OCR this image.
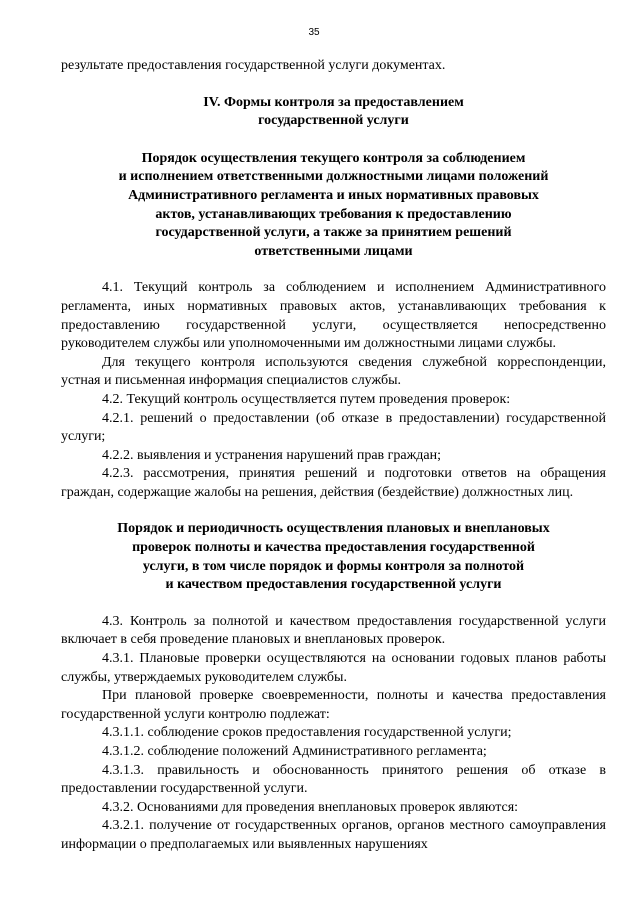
35

результате предоставления государственной услуги документах.

IV. Формы контроля за предоставлением
государственной услуги

Порядок осуществления текущего контроля за соблюдением
и исполнением ответственными должностными лицами положений
Административного регламента и иных нормативных правовых
актов, устанавливающих требования к предоставлению
государственной услуги, а также за принятием решений
ответственными лицами

4.1. Текущий контроль за соблюдением и исполнением Административного регламента, иных нормативных правовых актов, устанавливающих требования к предоставлению государственной услуги, осуществляется непосредственно руководителем службы или уполномоченными им должностными лицами службы.

Для текущего контроля используются сведения служебной корреспонденции, устная и письменная информация специалистов службы.

4.2. Текущий контроль осуществляется путем проведения проверок:

4.2.1. решений о предоставлении (об отказе в предоставлении) государственной услуги;

4.2.2. выявления и устранения нарушений прав граждан;

4.2.3. рассмотрения, принятия решений и подготовки ответов на обращения граждан, содержащие жалобы на решения, действия (бездействие) должностных лиц.

Порядок и периодичность осуществления плановых и внеплановых
проверок полноты и качества предоставления государственной
услуги, в том числе порядок и формы контроля за полнотой
и качеством предоставления государственной услуги

4.3. Контроль за полнотой и качеством предоставления государственной услуги включает в себя проведение плановых и внеплановых проверок.

4.3.1. Плановые проверки осуществляются на основании годовых планов работы службы, утверждаемых руководителем службы.

При плановой проверке своевременности, полноты и качества предоставления государственной услуги контролю подлежат:

4.3.1.1. соблюдение сроков предоставления государственной услуги;

4.3.1.2. соблюдение положений Административного регламента;

4.3.1.3. правильность и обоснованность принятого решения об отказе в предоставлении государственной услуги.

4.3.2. Основаниями для проведения внеплановых проверок являются:

4.3.2.1. получение от государственных органов, органов местного самоуправления информации о предполагаемых или выявленных нарушениях
